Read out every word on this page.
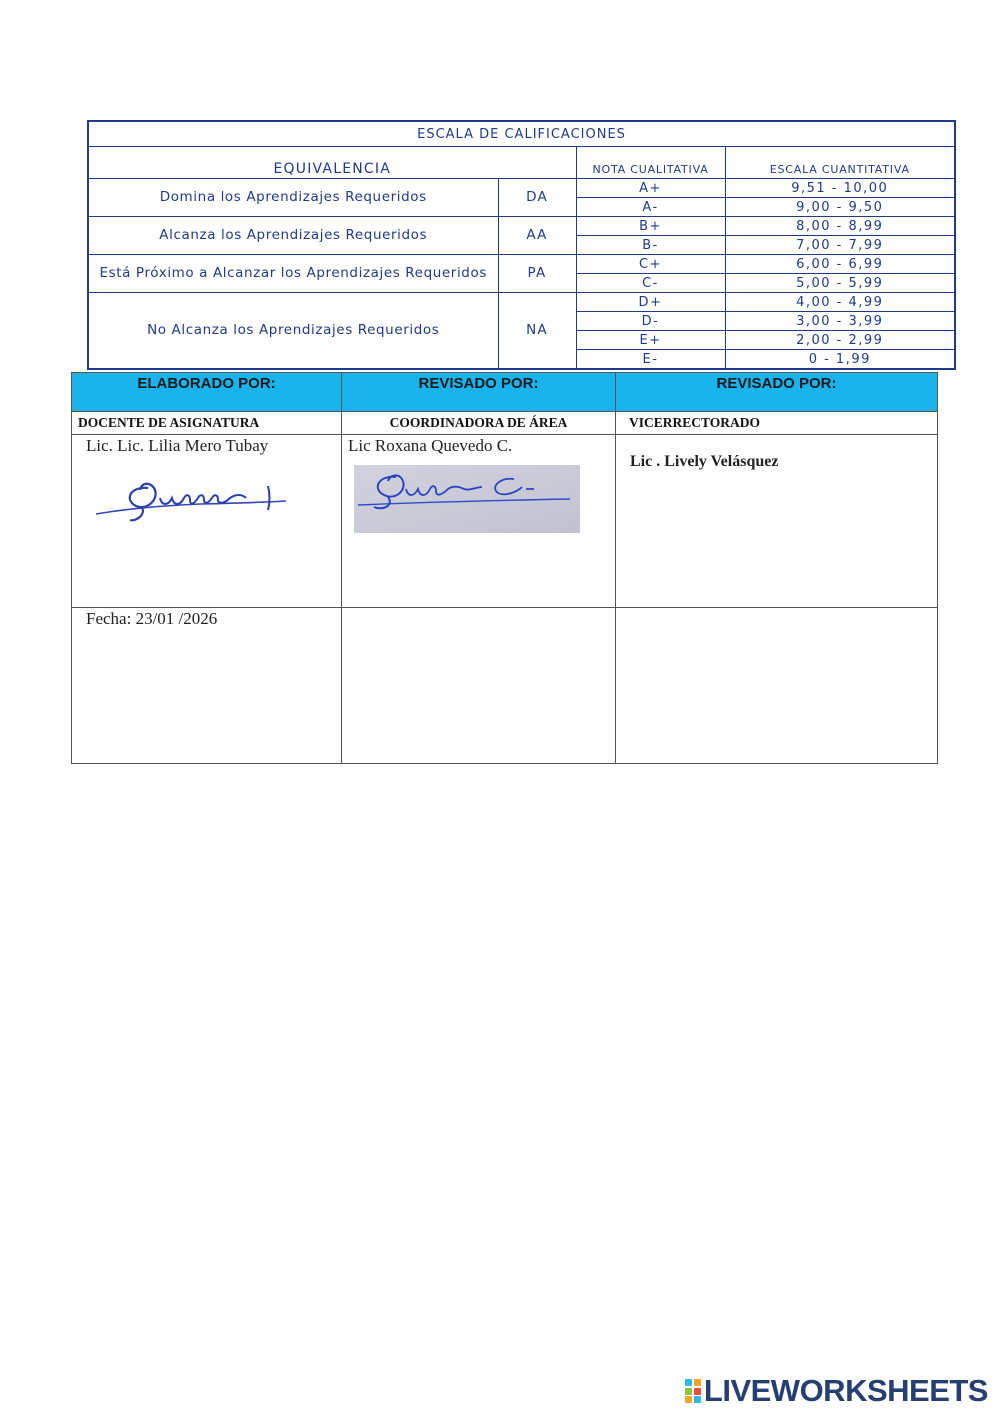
ESCALA DE CALIFICACIONES			
EQUIVALENCIA		NOTA CUALITATIVA	ESCALA CUANTITATIVA
Domina los Aprendizajes Requeridos	DA	A+	9,51 - 10,00
		A-	9,00 - 9,50
Alcanza los Aprendizajes Requeridos	AA	B+	8,00 - 8,99
		B-	7,00 - 7,99
Está Próximo a Alcanzar los Aprendizajes Requeridos	PA	C+	6,00 - 6,99
		C-	5,00 - 5,99
No Alcanza los Aprendizajes Requeridos	NA	D+	4,00 - 4,99
		D-	3,00 - 3,99
		E+	2,00 - 2,99
		E-	0 - 1,99
ELABORADO POR:	REVISADO POR:	REVISADO POR:
DOCENTE DE ASIGNATURA	COORDINADORA DE ÁREA	VICERRECTORADO

Lic. Lic. Lilia Mero Tubay	Lic Roxana Quevedo C.	Lic . Lively Velásquez

Fecha: 23/01 /2026		
LIVEWORKSHEETS
